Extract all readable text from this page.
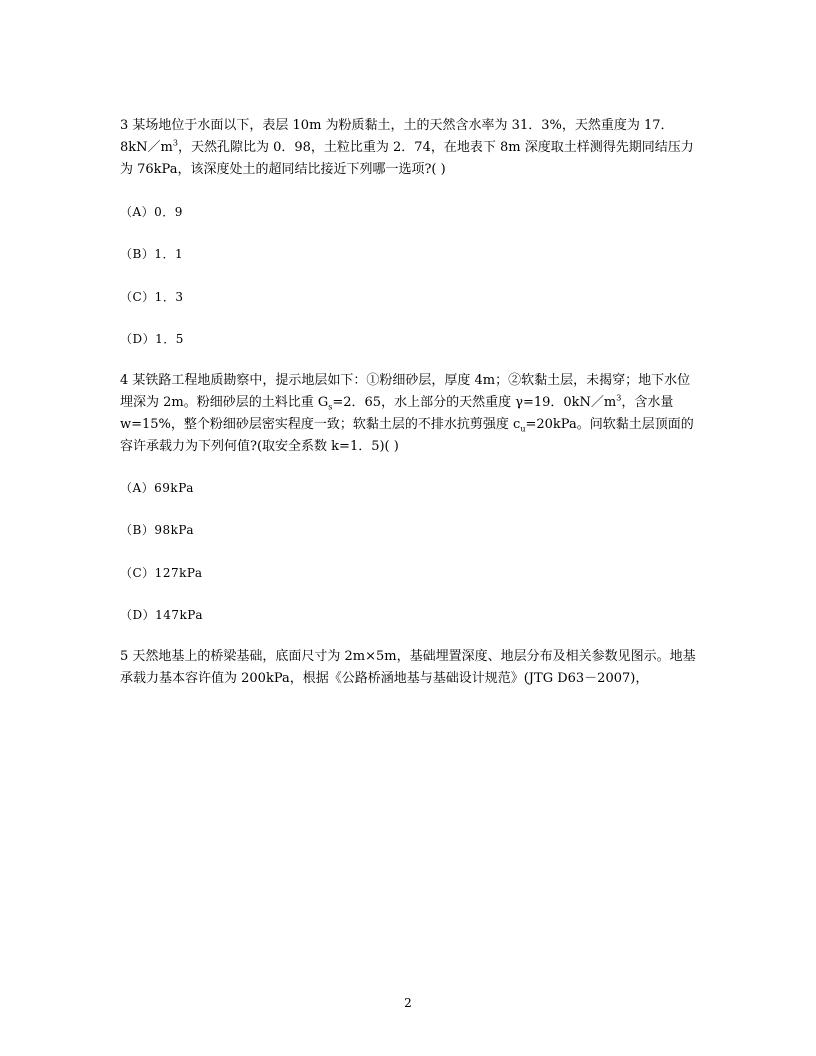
3 某场地位于水面以下，表层 10m 为粉质黏土，土的天然含水率为 31．3%，天然重度为 17．$8kN/m^3$，天然孔隙比为 0．98，土粒比重为 2．74，在地表下 8m 深度取土样测得先期同结压力为 76kPa，该深度处土的超同结比接近下列哪一选项?( )
（A）0．9
（B）1．1
（C）1．3
（D）1．5
4 某铁路工程地质勘察中，提示地层如下：①粉细砂层，厚度 4m；②软黏土层，未揭穿；地下水位埋深为 2m。粉细砂层的土料比重 $G_s=2$．65，水上部分的天然重度 γ=19．$0kN/m^3$，含水量 w=15%，整个粉细砂层密实程度一致；软黏土层的不排水抗剪强度 $c_u=20kPa$。问软黏土层顶面的容许承载力为下列何值?(取安全系数 k=1．5)( )
（A）69kPa
（B）98kPa
（C）127kPa
（D）147kPa
5 天然地基上的桥梁基础，底面尺寸为 2m×5m，基础埋置深度、地层分布及相关参数见图示。地基承载力基本容许值为 200kPa，根据《公路桥涵地基与基础设计规范》(JTG D63－2007)，
2
